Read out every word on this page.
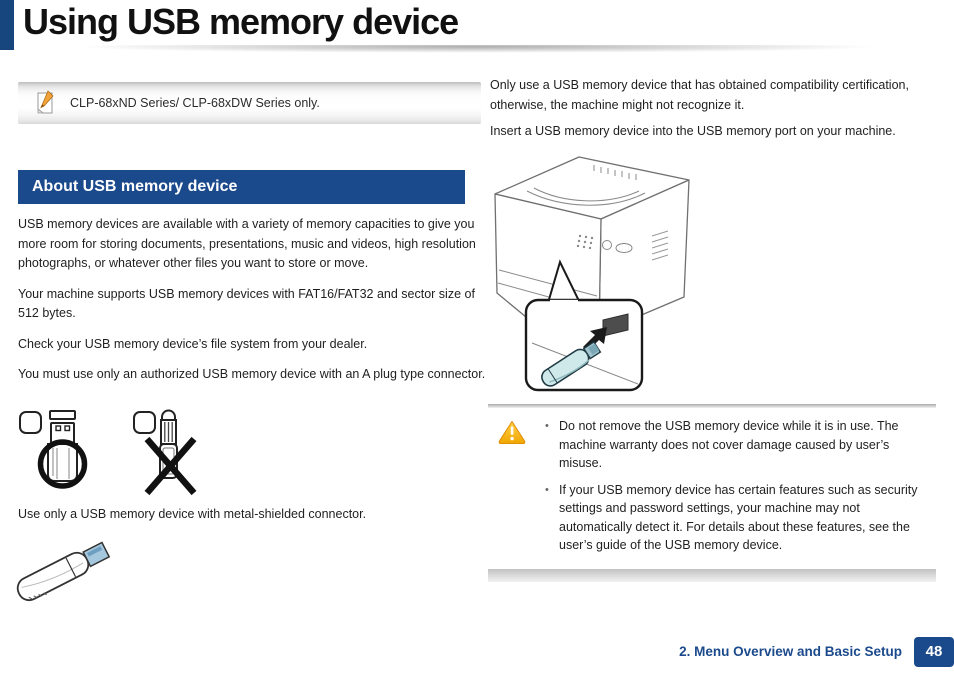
Using USB memory device
CLP-68xND Series/ CLP-68xDW Series only.
About USB memory device

USB memory devices are available with a variety of memory capacities to give you more room for storing documents, presentations, music and videos, high resolution photographs, or whatever other files you want to store or move.

Your machine supports USB memory devices with FAT16/FAT32 and sector size of 512 bytes.

Check your USB memory device’s file system from your dealer.

You must use only an authorized USB memory device with an A plug type connector.

Use only a USB memory device with metal-shielded connector.

Only use a USB memory device that has obtained compatibility certification, otherwise, the machine might not recognize it.

Insert a USB memory device into the USB memory port on your machine.

• Do not remove the USB memory device while it is in use. The machine warranty does not cover damage caused by user’s misuse.
• If your USB memory device has certain features such as security settings and password settings, your machine may not automatically detect it. For details about these features, see the user’s guide of the USB memory device.
2. Menu Overview and Basic Setup	48
